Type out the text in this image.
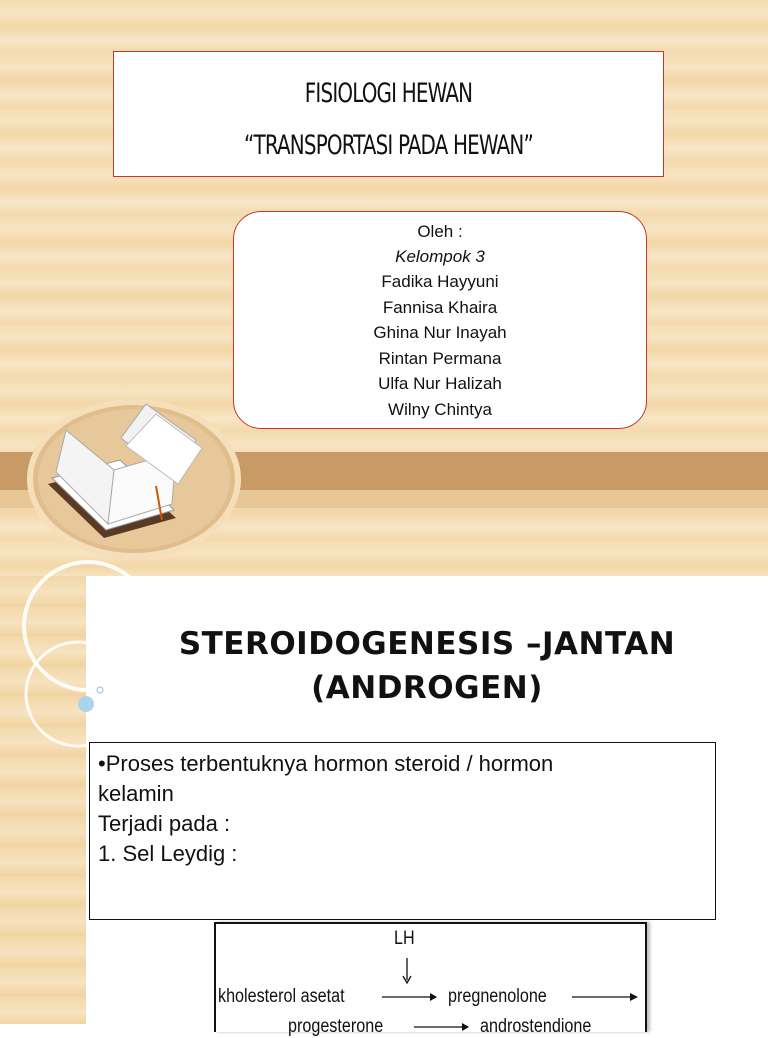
FISIOLOGI HEWAN
“TRANSPORTASI PADA HEWAN”
Oleh :
Kelompok 3
Fadika Hayyuni
Fannisa Khaira
Ghina Nur Inayah
Rintan Permana
Ulfa Nur Halizah
Wilny Chintya
STEROIDOGENESIS –JANTAN
(ANDROGEN)
•Proses terbentuknya hormon steroid / hormon
kelamin
Terjadi pada :
1. Sel Leydig :
LH
kholesterol asetat	pregnenolone
progesterone	androstendione
